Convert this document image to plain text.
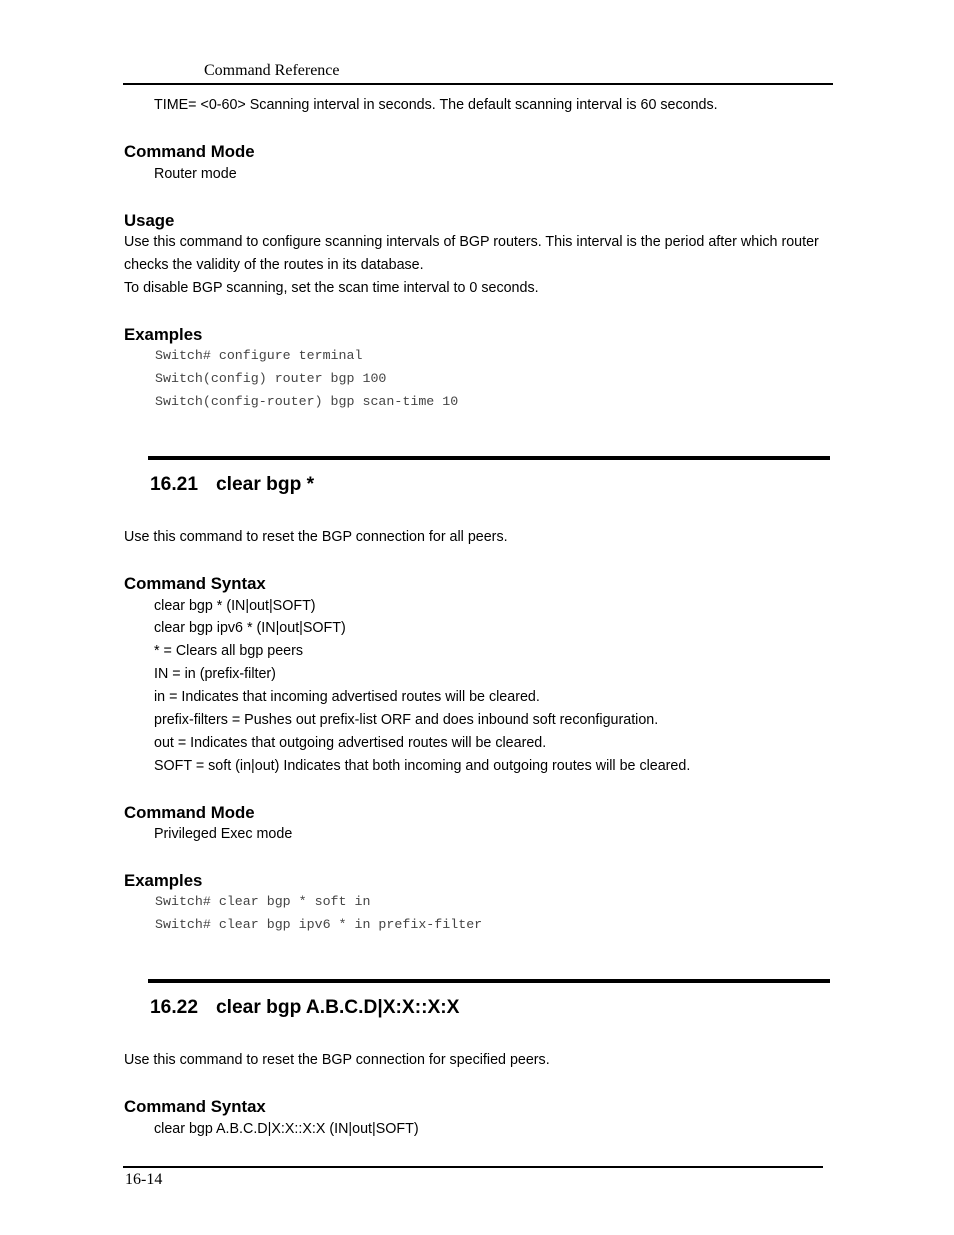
Command Reference
TIME= <0-60> Scanning interval in seconds. The default scanning interval is 60 seconds.
Command Mode
Router mode
Usage
Use this command to configure scanning intervals of BGP routers. This interval is the period after which router
checks the validity of the routes in its database.
To disable BGP scanning, set the scan time interval to 0 seconds.
Examples
Switch# configure terminal
Switch(config) router bgp 100
Switch(config-router) bgp scan-time 10
16.21 clear bgp *
Use this command to reset the BGP connection for all peers.
Command Syntax
clear bgp * (IN|out|SOFT)
clear bgp ipv6 * (IN|out|SOFT)
* = Clears all bgp peers
IN = in (prefix-filter)
in = Indicates that incoming advertised routes will be cleared.
prefix-filters = Pushes out prefix-list ORF and does inbound soft reconfiguration.
out = Indicates that outgoing advertised routes will be cleared.
SOFT = soft (in|out) Indicates that both incoming and outgoing routes will be cleared.
Command Mode
Privileged Exec mode
Examples
Switch# clear bgp * soft in
Switch# clear bgp ipv6 * in prefix-filter
16.22 clear bgp A.B.C.D|X:X::X:X
Use this command to reset the BGP connection for specified peers.
Command Syntax
clear bgp A.B.C.D|X:X::X:X (IN|out|SOFT)
16-14
